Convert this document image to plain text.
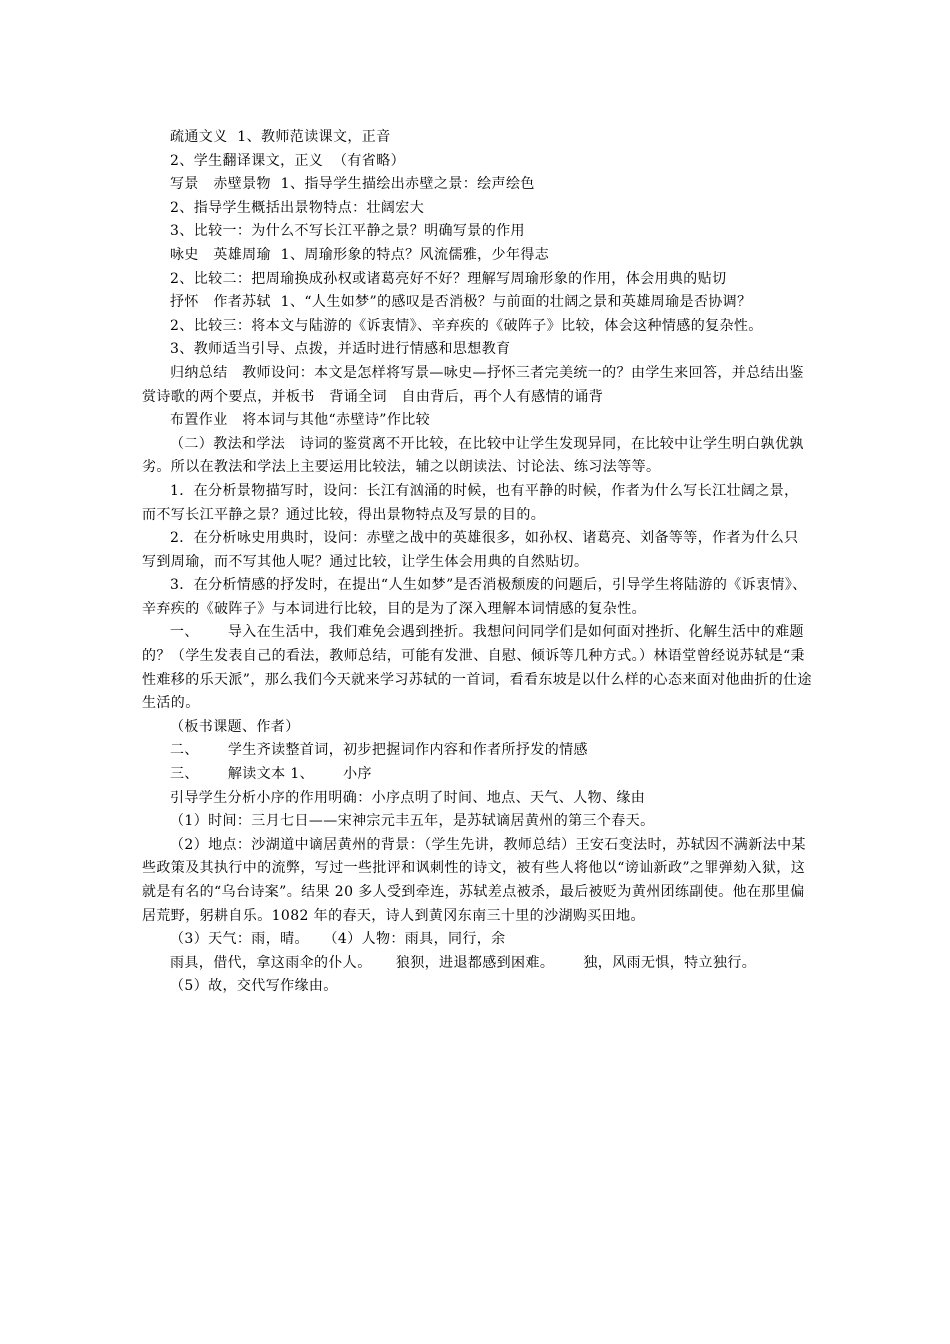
疏通文义  1、教师范读课文，正音

2、学生翻译课文，正义  （有省略）

写景   赤壁景物  1、指导学生描绘出赤壁之景：绘声绘色

2、指导学生概括出景物特点：壮阔宏大

3、比较一：为什么不写长江平静之景？明确写景的作用

咏史   英雄周瑜  1、周瑜形象的特点？风流儒雅，少年得志

2、比较二：把周瑜换成孙权或诸葛亮好不好？理解写周瑜形象的作用，体会用典的贴切

抒怀   作者苏轼  1、“人生如梦”的感叹是否消极？与前面的壮阔之景和英雄周瑜是否协调？

2、比较三：将本文与陆游的《诉衷情》、辛弃疾的《破阵子》比较，体会这种情感的复杂性。

3、教师适当引导、点拨，并适时进行情感和思想教育

归纳总结   教师设问：本文是怎样将写景—咏史—抒怀三者完美统一的？由学生来回答，并总结出鉴赏诗歌的两个要点，并板书   背诵全词   自由背后，再个人有感情的诵背

布置作业   将本词与其他“赤壁诗”作比较

（二）教法和学法   诗词的鉴赏离不开比较，在比较中让学生发现异同，在比较中让学生明白孰优孰劣。所以在教法和学法上主要运用比较法，辅之以朗读法、讨论法、练习法等等。

1．在分析景物描写时，设问：长江有汹涌的时候，也有平静的时候，作者为什么写长江壮阔之景，而不写长江平静之景？通过比较，得出景物特点及写景的目的。

2．在分析咏史用典时，设问：赤壁之战中的英雄很多，如孙权、诸葛亮、刘备等等，作者为什么只写到周瑜，而不写其他人呢？通过比较，让学生体会用典的自然贴切。

3．在分析情感的抒发时，在提出“人生如梦”是否消极颓废的问题后，引导学生将陆游的《诉衷情》、辛弃疾的《破阵子》与本词进行比较，目的是为了深入理解本词情感的复杂性。

一、      导入在生活中，我们难免会遇到挫折。我想问问同学们是如何面对挫折、化解生活中的难题的？（学生发表自己的看法，教师总结，可能有发泄、自慰、倾诉等几种方式。）林语堂曾经说苏轼是“秉性难移的乐天派”，那么我们今天就来学习苏轼的一首词，看看东坡是以什么样的心态来面对他曲折的仕途生活的。

（板书课题、作者）

二、      学生齐读整首词，初步把握词作内容和作者所抒发的情感

三、      解读文本 1、      小序

引导学生分析小序的作用明确：小序点明了时间、地点、天气、人物、缘由

（1）时间：三月七日——宋神宗元丰五年，是苏轼谪居黄州的第三个春天。

（2）地点：沙湖道中谪居黄州的背景：（学生先讲，教师总结）王安石变法时，苏轼因不满新法中某些政策及其执行中的流弊，写过一些批评和讽刺性的诗文，被有些人将他以“谤讪新政”之罪弹劾入狱，这就是有名的“乌台诗案”。结果 20 多人受到牵连，苏轼差点被杀，最后被贬为黄州团练副使。他在那里偏居荒野，躬耕自乐。1082 年的春天，诗人到黄冈东南三十里的沙湖购买田地。

（3）天气：雨，晴。   （4）人物：雨具，同行，余

雨具，借代，拿这雨伞的仆人。     狼狈，进退都感到困难。      独，风雨无惧，特立独行。

（5）故，交代写作缘由。
